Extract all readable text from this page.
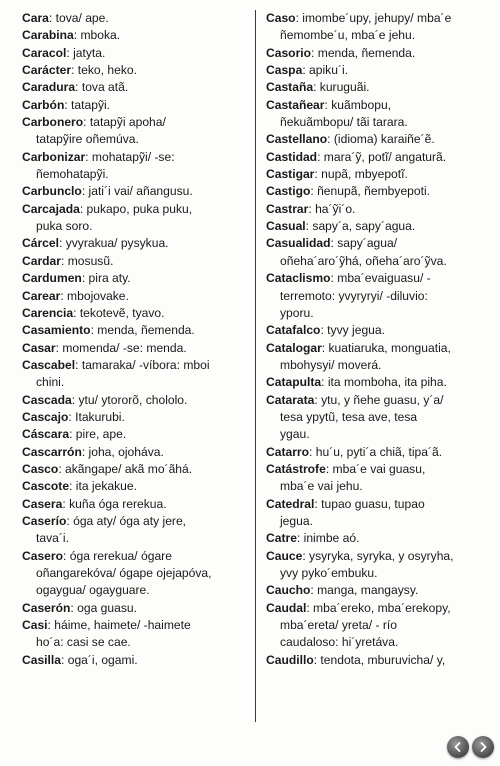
Cara: tova/ ape.
Carabina: mboka.
Caracol: jatyta.
Carácter: teko, heko.
Caradura: tova atã.
Carbón: tatapỹi.
Carbonero: tatapỹi apoha/
tatapỹire oñemúva.
Carbonizar: mohatapỹi/ -se:
ñemohatapỹi.
Carbunclo: jati´i vai/ añangusu.
Carcajada: pukapo, puka puku,
puka soro.
Cárcel: yvyrakua/ pysykua.
Cardar: mosusũ.
Cardumen: pira aty.
Carear: mbojovake.
Carencia: tekotevẽ, tyavo.
Casamiento: menda, ñemenda.
Casar: momenda/ -se: menda.
Cascabel: tamaraka/ -víbora: mboi
chini.
Cascada: ytu/ ytororõ, chololo.
Cascajo: Itakurubi.
Cáscara: pire, ape.
Cascarrón: joha, ojoháva.
Casco: akãngape/ akã mo´ãhá.
Cascote: ita jekakue.
Casera: kuña óga rerekua.
Caserío: óga aty/ óga aty jere,
tava´i.
Casero: óga rerekua/ ógare
oñangarekóva/ ógape ojejapóva,
ogaygua/ ogayguare.
Caserón: oga guasu.
Casi: háime, haimete/ -haimete
ho´a: casi se cae.
Casilla: oga´i, ogami.
Caso: imombe´upy, jehupy/ mba´e
ñemombe´u, mba´e jehu.
Casorio: menda, ñemenda.
Caspa: apiku´i.
Castaña: kuruguãi.
Castañear: kuãmbopu,
ñekuãmbopu/ tãi tarara.
Castellano: (idioma) karaiñe´ẽ.
Castidad: mara´ỹ, potĩ/ angaturã.
Castigar: nupã, mbyepotĩ.
Castigo: ñenupã, ñembyepoti.
Castrar: ha´ỹi´o.
Casual: sapy´a, sapy´agua.
Casualidad: sapy´agua/
oñeha´aro´ỹhá, oñeha´aro´ỹva.
Cataclismo: mba´evaiguasu/ -
terremoto: yvyryryi/ -diluvio:
yporu.
Catafalco: tyvy jegua.
Catalogar: kuatiaruka, monguatia,
mbohysyi/ moverá.
Catapulta: ita momboha, ita piha.
Catarata: ytu, y ñehe guasu, y´a/
tesa ypytũ, tesa ave, tesa
ygau.
Catarro: hu´u, pyti´a chiã, tipa´ã.
Catástrofe: mba´e vai guasu,
mba´e vai jehu.
Catedral: tupao guasu, tupao
jegua.
Catre: inimbe aó.
Cauce: ysyryka, syryka, y osyryha,
yvy pyko´embuku.
Caucho: manga, mangaysy.
Caudal: mba´ereko, mba´erekopy,
mba´ereta/ yreta/ - río
caudaloso: hi´yretáva.
Caudillo: tendota, mburuvicha/ y,
